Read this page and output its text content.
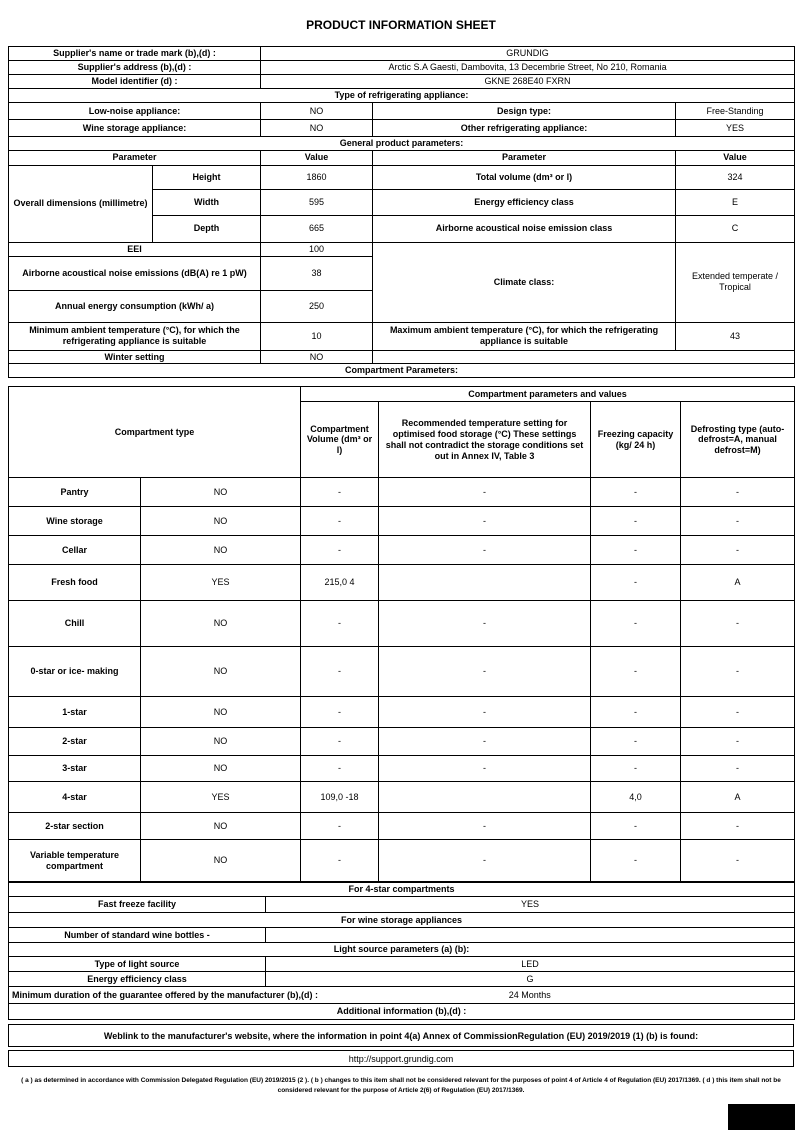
PRODUCT INFORMATION SHEET
Supplier's name or trade mark (b),(d) :		GRUNDIG		
Supplier's address (b),(d) :		Arctic S.A Gaesti, Dambovita, 13 Decembrie Street, No 210, Romania		
Model identifier (d) :		GKNE 268E40 FXRN		
Type of refrigerating appliance:				
Low-noise appliance:		NO	Design type:	Free-Standing
Wine storage appliance:		NO	Other refrigerating appliance:	YES
General product parameters:				
Parameter		Value	Parameter	Value
Overall dimensions (millimetre)	Height	1860	Total volume (dm³ or l)	324
	Width	595	Energy efficiency class	E
	Depth	665	Airborne acoustical noise emission class	C
EEI		100	Climate class:	Extended temperate / Tropical
Airborne acoustical noise emissions (dB(A) re 1 pW)		38		
Annual energy consumption (kWh/ a)		250		
Minimum ambient temperature (°C), for which the refrigerating appliance is suitable		10	Maximum ambient temperature (°C), for which the refrigerating appliance is suitable	43
Winter setting		NO		
Compartment Parameters:				
Compartment type		Compartment parameters and values			
		Compartment Volume (dm³ or l)	Recommended temperature setting for optimised food storage (°C) These settings shall not contradict the storage conditions set out in Annex IV, Table 3	Freezing capacity (kg/ 24 h)	Defrosting type (auto-defrost=A, manual defrost=M)
Pantry	NO	-	-	-	-
Wine storage	NO	-	-	-	-
Cellar	NO	-	-	-	-
Fresh food	YES	215,0 4		-	A
Chill	NO	-	-	-	-
0-star or ice- making	NO	-	-	-	-
1-star	NO	-	-	-	-
2-star	NO	-	-	-	-
3-star	NO	-	-	-	-
4-star	YES	109,0 -18		4,0	A
2-star section	NO	-	-	-	-
Variable temperature compartment	NO	-	-	-	-
For 4-star compartments	
Fast freeze facility	YES
For wine storage appliances	
Number of standard wine bottles -	
Light source parameters (a) (b):	
Type of light source	LED
Energy efficiency class	G
Minimum duration of the guarantee offered by the manufacturer (b),(d) :	24 Months
Additional information (b),(d) :	
Weblink to the manufacturer's website, where the information in point 4(a) Annex of CommissionRegulation (EU) 2019/2019 (1) (b) is found:
http://support.grundig.com
( a ) as determined in accordance with Commission Delegated Regulation (EU) 2019/2015 (2 ). ( b ) changes to this item shall not be considered relevant for the purposes of point 4 of Article 4 of Regulation (EU) 2017/1369. ( d ) this item shall not be considered relevant for the purpose of Article 2(6) of Regulation (EU) 2017/1369.
